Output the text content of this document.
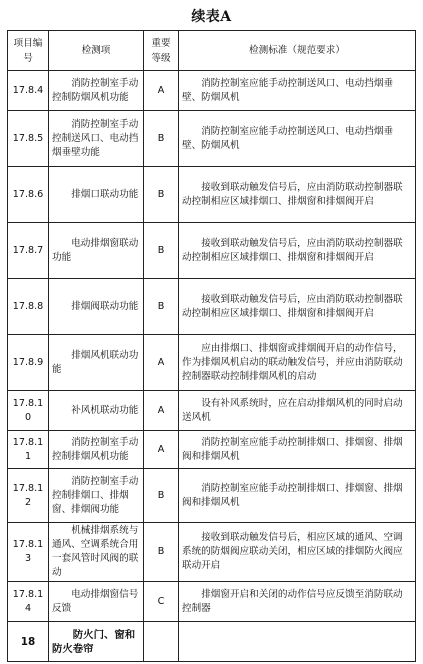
续表A
项目编号	检测项	重要等级	检测标准（规范要求）
17.8.4	消防控制室手动控制防烟风机功能	A	消防控制室应能手动控制送风口、电动挡烟垂壁、防烟风机
17.8.5	消防控制室手动控制送风口、电动挡烟垂壁功能	B	消防控制室应能手动控制送风口、电动挡烟垂壁、防烟风机
17.8.6	排烟口联动功能	B	接收到联动触发信号后，应由消防联动控制器联动控制相应区域排烟口、排烟窗和排烟阀开启
17.8.7	电动排烟窗联动功能	B	接收到联动触发信号后，应由消防联动控制器联动控制相应区域排烟口、排烟窗和排烟阀开启
17.8.8	排烟阀联动功能	B	接收到联动触发信号后，应由消防联动控制器联动控制相应区域排烟口、排烟窗和排烟阀开启
17.8.9	排烟风机联动功能	A	应由排烟口、排烟窗或排烟阀开启的动作信号，作为排烟风机启动的联动触发信号，并应由消防联动控制器联动控制排烟风机的启动
17.8.10	补风机联动功能	A	设有补风系统时，应在启动排烟风机的同时启动送风机
17.8.11	消防控制室手动控制排烟风机功能	A	消防控制室应能手动控制排烟口、排烟窗、排烟阀和排烟风机
17.8.12	消防控制室手动控制排烟口、排烟窗、排烟阀功能	B	消防控制室应能手动控制排烟口、排烟窗、排烟阀和排烟风机
17.8.13	机械排烟系统与通风、空调系统合用一套风管时风阀的联动	B	接收到联动触发信号后，相应区域的通风、空调系统的防烟阀应联动关闭，相应区域的排烟防火阀应联动开启
17.8.14	电动排烟窗信号反馈	C	排烟窗开启和关闭的动作信号应反馈至消防联动控制器
18	防火门、窗和防火卷帘		
